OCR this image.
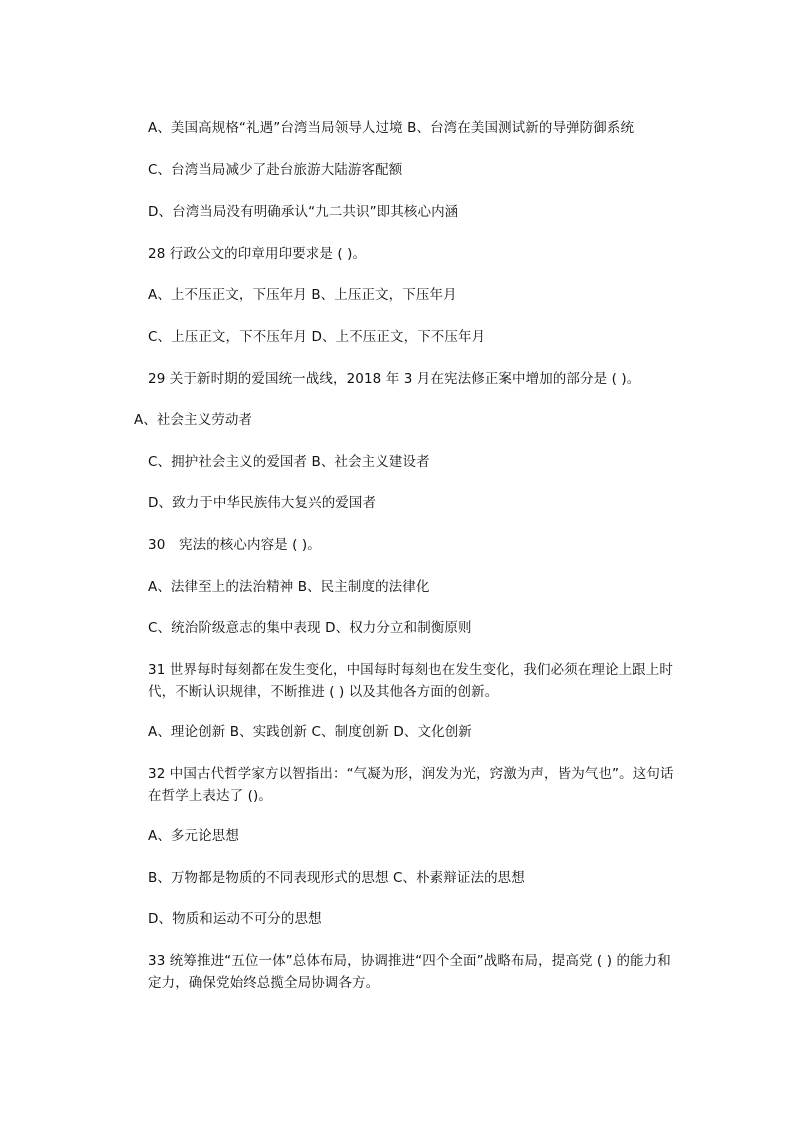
A、美国高规格“礼遇”台湾当局领导人过境 B、台湾在美国测试新的导弹防御系统
C、台湾当局减少了赴台旅游大陆游客配额
D、台湾当局没有明确承认“九二共识”即其核心内涵
28 行政公文的印章用印要求是 ( )。
A、上不压正文，下压年月 B、上压正文，下压年月
C、上压正文，下不压年月 D、上不压正文，下不压年月
29 关于新时期的爱国统一战线，2018 年 3 月在宪法修正案中增加的部分是 ( )。
A、社会主义劳动者
C、拥护社会主义的爱国者 B、社会主义建设者
D、致力于中华民族伟大复兴的爱国者
30　宪法的核心内容是 ( )。
A、法律至上的法治精神 B、民主制度的法律化
C、统治阶级意志的集中表现 D、权力分立和制衡原则
31 世界每时每刻都在发生变化，中国每时每刻也在发生变化，我们必须在理论上跟上时代，不断认识规律，不断推进 ( ) 以及其他各方面的创新。
A、理论创新 B、实践创新 C、制度创新 D、文化创新
32 中国古代哲学家方以智指出：“气凝为形，润发为光，窍激为声，皆为气也”。这句话在哲学上表达了 ()。
A、多元论思想
B、万物都是物质的不同表现形式的思想 C、朴素辩证法的思想
D、物质和运动不可分的思想
33 统筹推进“五位一体”总体布局，协调推进“四个全面”战略布局，提高党 ( ) 的能力和定力，确保党始终总揽全局协调各方。
